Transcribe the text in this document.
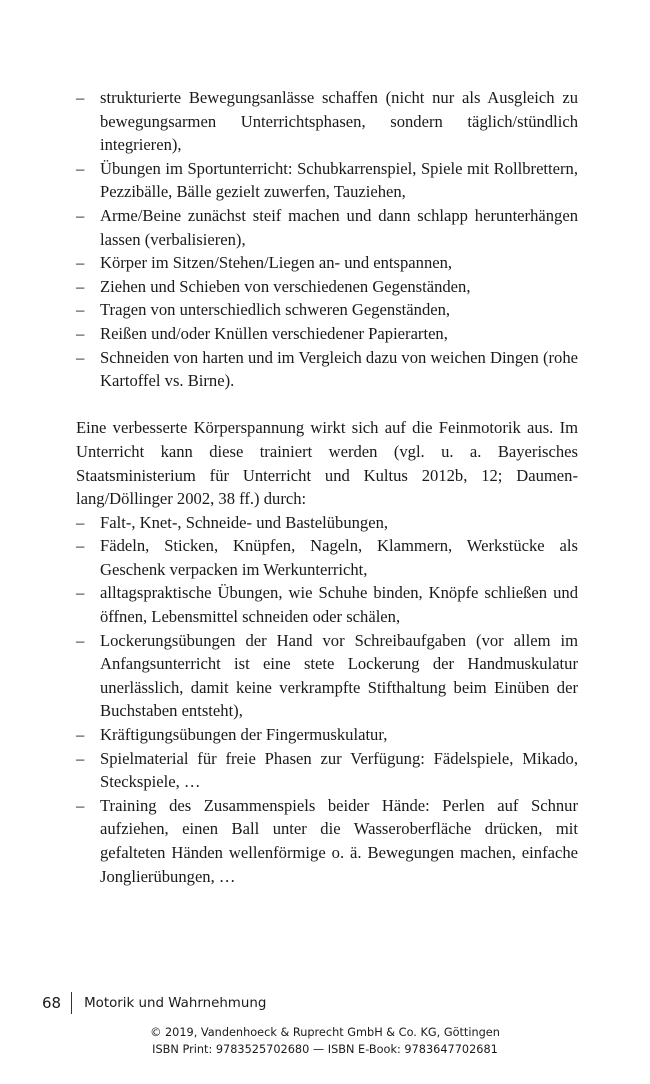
– strukturierte Bewegungsanlässe schaffen (nicht nur als Ausgleich zu bewegungsarmen Unterrichtsphasen, sondern täglich/stündlich integrieren),
– Übungen im Sportunterricht: Schubkarrenspiel, Spiele mit Rollbrettern, Pezzibälle, Bälle gezielt zuwerfen, Tauziehen,
– Arme/Beine zunächst steif machen und dann schlapp herunterhängen lassen (verbalisieren),
– Körper im Sitzen/Stehen/Liegen an- und entspannen,
– Ziehen und Schieben von verschiedenen Gegenständen,
– Tragen von unterschiedlich schweren Gegenständen,
– Reißen und/oder Knüllen verschiedener Papierarten,
– Schneiden von harten und im Vergleich dazu von weichen Dingen (rohe Kartoffel vs. Birne).

Eine verbesserte Körperspannung wirkt sich auf die Feinmotorik aus. Im Unterricht kann diese trainiert werden (vgl. u. a. Bayerisches Staatsministerium für Unterricht und Kultus 2012b, 12; Daumenlang/Döllinger 2002, 38 ff.) durch:

– Falt-, Knet-, Schneide- und Bastelübungen,
– Fädeln, Sticken, Knüpfen, Nageln, Klammern, Werkstücke als Geschenk verpacken im Werkunterricht,
– alltagspraktische Übungen, wie Schuhe binden, Knöpfe schließen und öffnen, Lebensmittel schneiden oder schälen,
– Lockerungsübungen der Hand vor Schreibaufgaben (vor allem im Anfangsunterricht ist eine stete Lockerung der Handmuskulatur unerlässlich, damit keine verkrampfte Stifthaltung beim Einüben der Buchstaben entsteht),
– Kräftigungsübungen der Fingermuskulatur,
– Spielmaterial für freie Phasen zur Verfügung: Fädelspiele, Mikado, Steckspiele, …
– Training des Zusammenspiels beider Hände: Perlen auf Schnur aufziehen, einen Ball unter die Wasseroberfläche drücken, mit gefalteten Händen wellenförmige o. ä. Bewegungen machen, einfache Jonglierübungen, …
68 Motorik und Wahrnehmung
© 2019, Vandenhoeck & Ruprecht GmbH & Co. KG, Göttingen
ISBN Print: 9783525702680 — ISBN E-Book: 9783647702681
